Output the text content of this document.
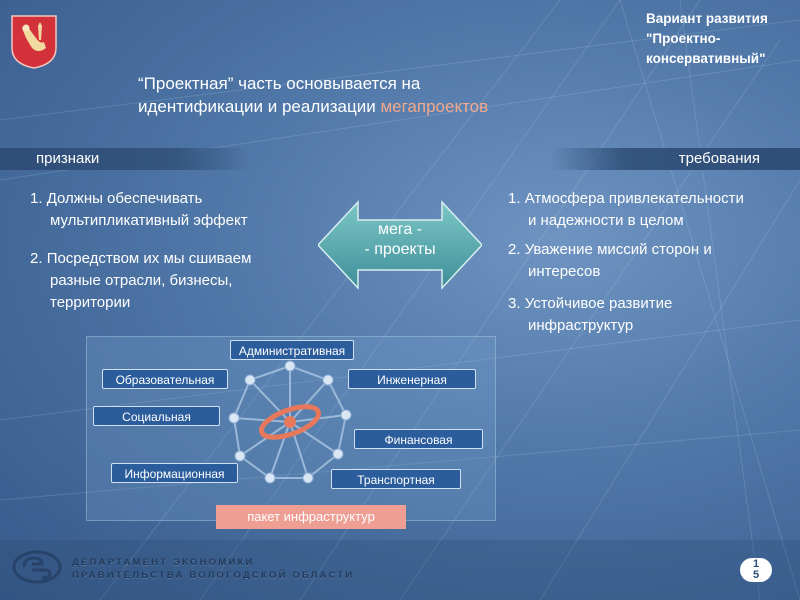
Вариант развития
"Проектно-
консервативный"
“Проектная” часть основывается на
идентификации и реализации мегапроектов
признаки	требования
1. Должны обеспечивать
мультипликативный эффект
2. Посредством их мы сшиваем
разные отрасли, бизнесы,
территории
1. Атмосфера привлекательности
и надежности в целом
2. Уважение миссий сторон и
интересов
3. Устойчивое развитие
инфраструктур
мега -
- проекты
Административная
Образовательная	Инженерная
Социальная
Финансовая
Информационная	Транспортная
пакет инфраструктур
ДЕПАРТАМЕНТ ЭКОНОМИКИ
ПРАВИТЕЛЬСТВА ВОЛОГОДСКОЙ ОБЛАСТИ
1
5
